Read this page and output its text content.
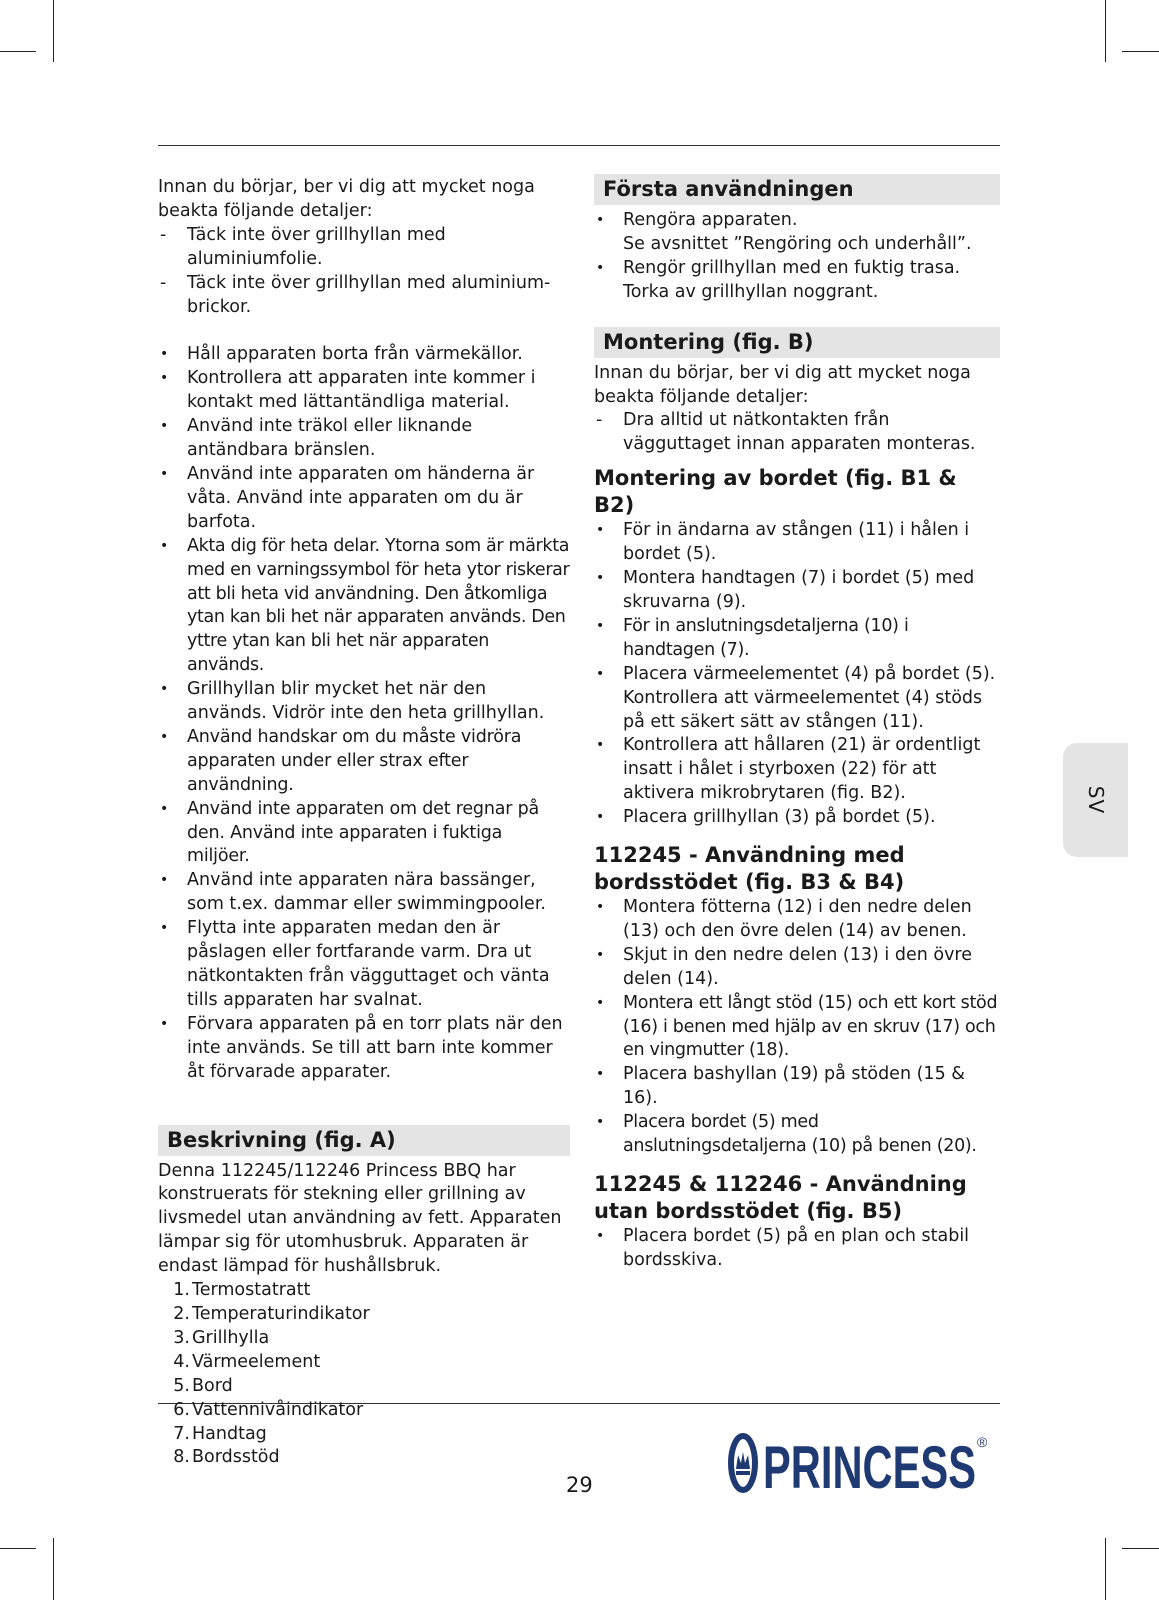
Innan du börjar, ber vi dig att mycket noga beakta följande detaljer:

- Täck inte över grillhyllan med aluminiumfolie.
- Täck inte över grillhyllan med aluminium-brickor.
• Håll apparaten borta från värmekällor.
• Kontrollera att apparaten inte kommer i kontakt med lättantändliga material.
• Använd inte träkol eller liknande antändbara bränslen.
• Använd inte apparaten om händerna är våta. Använd inte apparaten om du är barfota.
• Akta dig för heta delar. Ytorna som är märkta med en varningssymbol för heta ytor riskerar att bli heta vid användning. Den åtkomliga ytan kan bli het när apparaten används. Den yttre ytan kan bli het när apparaten används.
• Grillhyllan blir mycket het när den används. Vidrör inte den heta grillhyllan.
• Använd handskar om du måste vidröra apparaten under eller strax efter användning.
• Använd inte apparaten om det regnar på den. Använd inte apparaten i fuktiga miljöer.
• Använd inte apparaten nära bassänger, som t.ex. dammar eller swimmingpooler.
• Flytta inte apparaten medan den är påslagen eller fortfarande varm. Dra ut nätkontakten från vägguttaget och vänta tills apparaten har svalnat.
• Förvara apparaten på en torr plats när den inte används. Se till att barn inte kommer åt förvarade apparater.
Beskrivning (fig. A)

Denna 112245/112246 Princess BBQ har konstruerats för stekning eller grillning av livsmedel utan användning av fett. Apparaten lämpar sig för utomhusbruk. Apparaten är endast lämpad för hushållsbruk.

1. Termostatratt
2. Temperaturindikator
3. Grillhylla
4. Värmeelement
5. Bord
6. Vattennivåindikator
7. Handtag
8. Bordsstöd
Första användningen
• Rengöra apparaten.
Se avsnittet ”Rengöring och underhåll”.
• Rengör grillhyllan med en fuktig trasa.
Torka av grillhyllan noggrant.
Montering (fig. B)

Innan du börjar, ber vi dig att mycket noga beakta följande detaljer:

- Dra alltid ut nätkontakten från vägguttaget innan apparaten monteras.
Montering av bordet (fig. B1 & B2)
• För in ändarna av stången (11) i hålen i bordet (5).
• Montera handtagen (7) i bordet (5) med skruvarna (9).
• För in anslutningsdetaljerna (10) i handtagen (7).
• Placera värmeelementet (4) på bordet (5). Kontrollera att värmeelementet (4) stöds på ett säkert sätt av stången (11).
• Kontrollera att hållaren (21) är ordentligt insatt i hålet i styrboxen (22) för att aktivera mikrobrytaren (fig. B2).
• Placera grillhyllan (3) på bordet (5).
112245 - Användning med
bordsstödet (fig. B3 & B4)
• Montera fötterna (12) i den nedre delen (13) och den övre delen (14) av benen.
• Skjut in den nedre delen (13) i den övre delen (14).
• Montera ett långt stöd (15) och ett kort stöd (16) i benen med hjälp av en skruv (17) och en vingmutter (18).
• Placera bashyllan (19) på stöden (15 & 16).
• Placera bordet (5) med anslutningsdetaljerna (10) på benen (20).
112245 & 112246 - Användning
utan bordsstödet (fig. B5)
• Placera bordet (5) på en plan och stabil bordsskiva.
SV
29	PRINCESS ®
